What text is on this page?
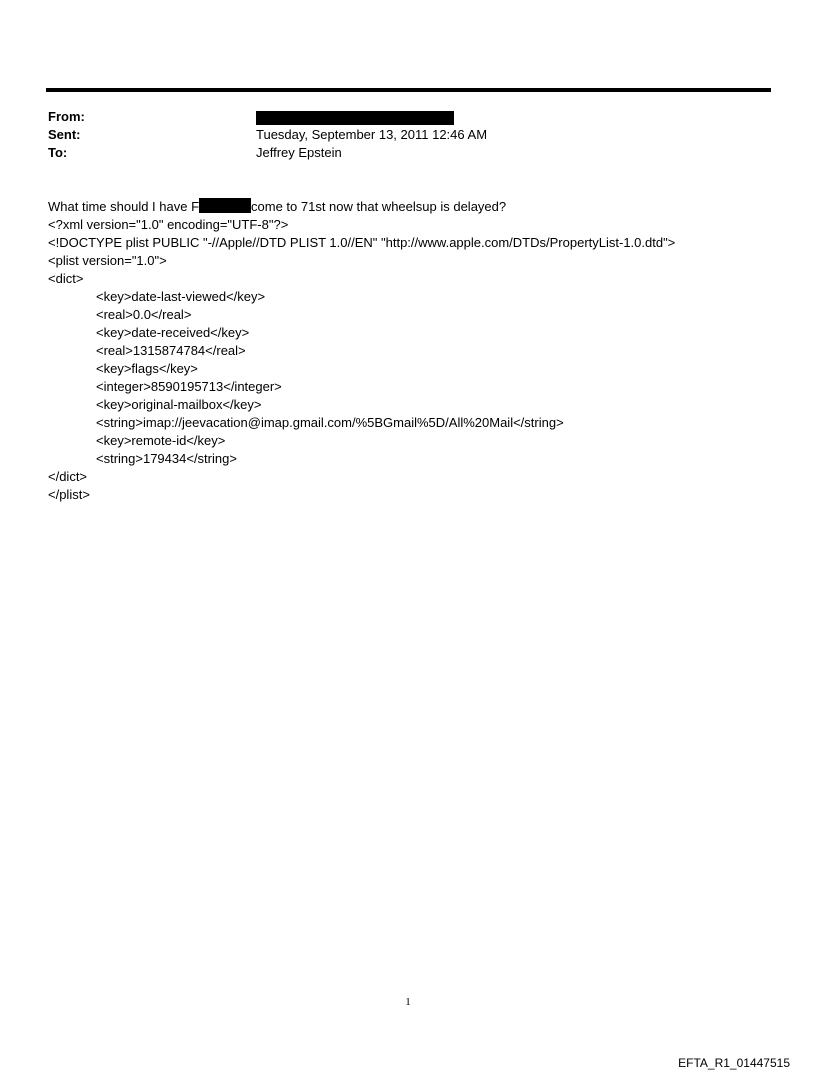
From:
Sent:	Tuesday, September 13, 2011 12:46 AM
To:	Jeffrey Epstein
What time should I have F	come to 71st now that wheelsup is delayed?
<?xml version="1.0" encoding="UTF-8"?>
<!DOCTYPE plist PUBLIC "-//Apple//DTD PLIST 1.0//EN" "http://www.apple.com/DTDs/PropertyList-1.0.dtd">
<plist version="1.0">
<dict>
<key>date-last-viewed</key>
<real>0.0</real>
<key>date-received</key>
<real>1315874784</real>
<key>flags</key>
<integer>8590195713</integer>
<key>original-mailbox</key>
<string>imap://jeevacation@imap.gmail.com/%5BGmail%5D/All%20Mail</string>
<key>remote-id</key>
<string>179434</string>
</dict>
</plist>
1
EFTA_R1_01447515
